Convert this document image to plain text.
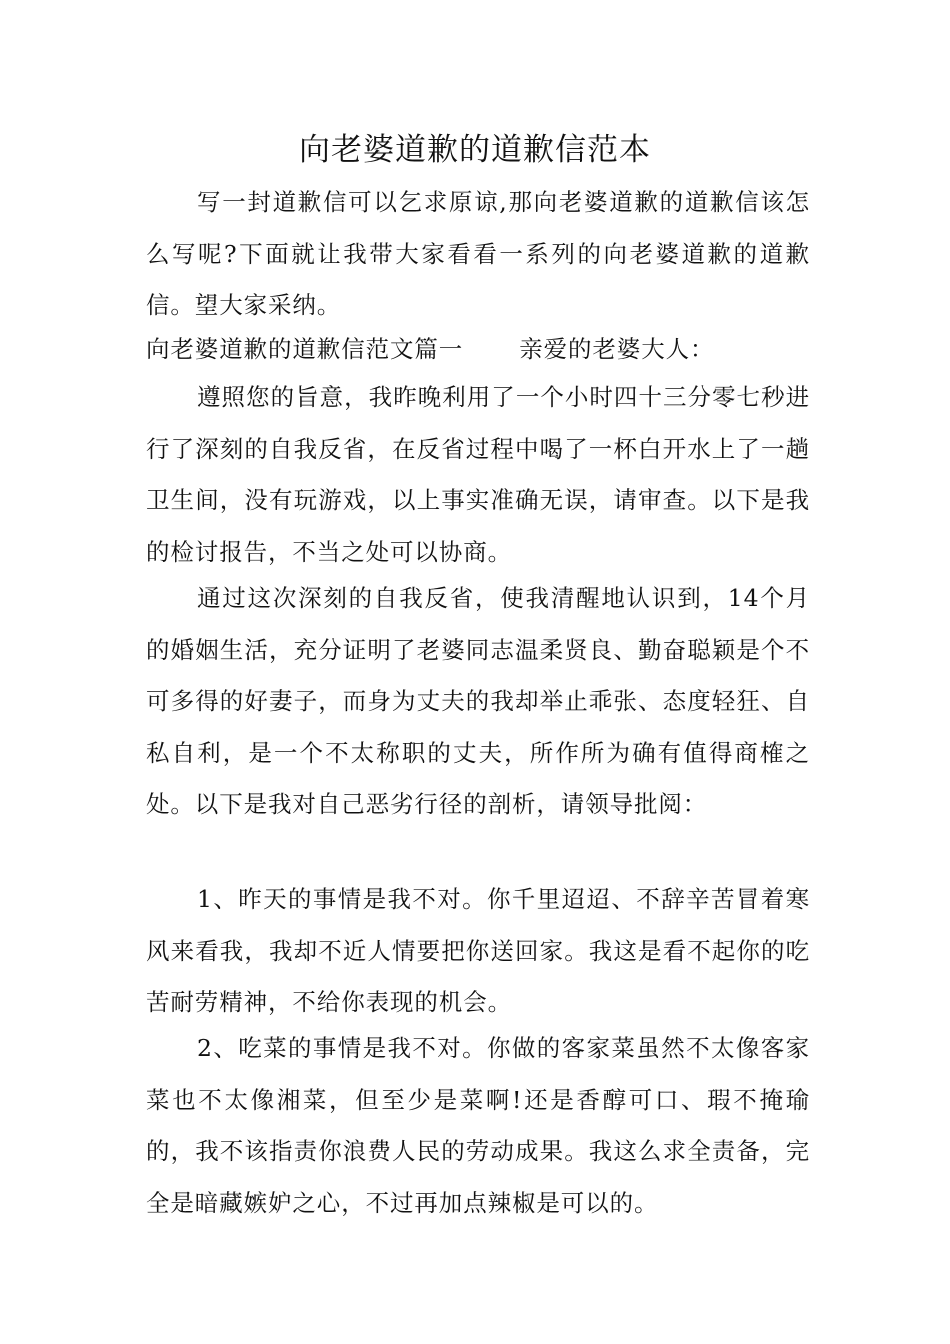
向老婆道歉的道歉信范本

写一封道歉信可以乞求原谅,那向老婆道歉的道歉信该怎么写呢?下面就让我带大家看看一系列的向老婆道歉的道歉信。望大家采纳。

向老婆道歉的道歉信范文篇一 亲爱的老婆大人：

遵照您的旨意，我昨晚利用了一个小时四十三分零七秒进行了深刻的自我反省，在反省过程中喝了一杯白开水上了一趟卫生间，没有玩游戏，以上事实准确无误，请审查。以下是我的检讨报告，不当之处可以协商。

通过这次深刻的自我反省，使我清醒地认识到，14个月的婚姻生活，充分证明了老婆同志温柔贤良、勤奋聪颖是个不可多得的好妻子，而身为丈夫的我却举止乖张、态度轻狂、自私自利，是一个不太称职的丈夫，所作所为确有值得商榷之处。以下是我对自己恶劣行径的剖析，请领导批阅：

1、昨天的事情是我不对。你千里迢迢、不辞辛苦冒着寒风来看我，我却不近人情要把你送回家。我这是看不起你的吃苦耐劳精神，不给你表现的机会。

2、吃菜的事情是我不对。你做的客家菜虽然不太像客家菜也不太像湘菜，但至少是菜啊!还是香醇可口、瑕不掩瑜的，我不该指责你浪费人民的劳动成果。我这么求全责备，完全是暗藏嫉妒之心，不过再加点辣椒是可以的。
